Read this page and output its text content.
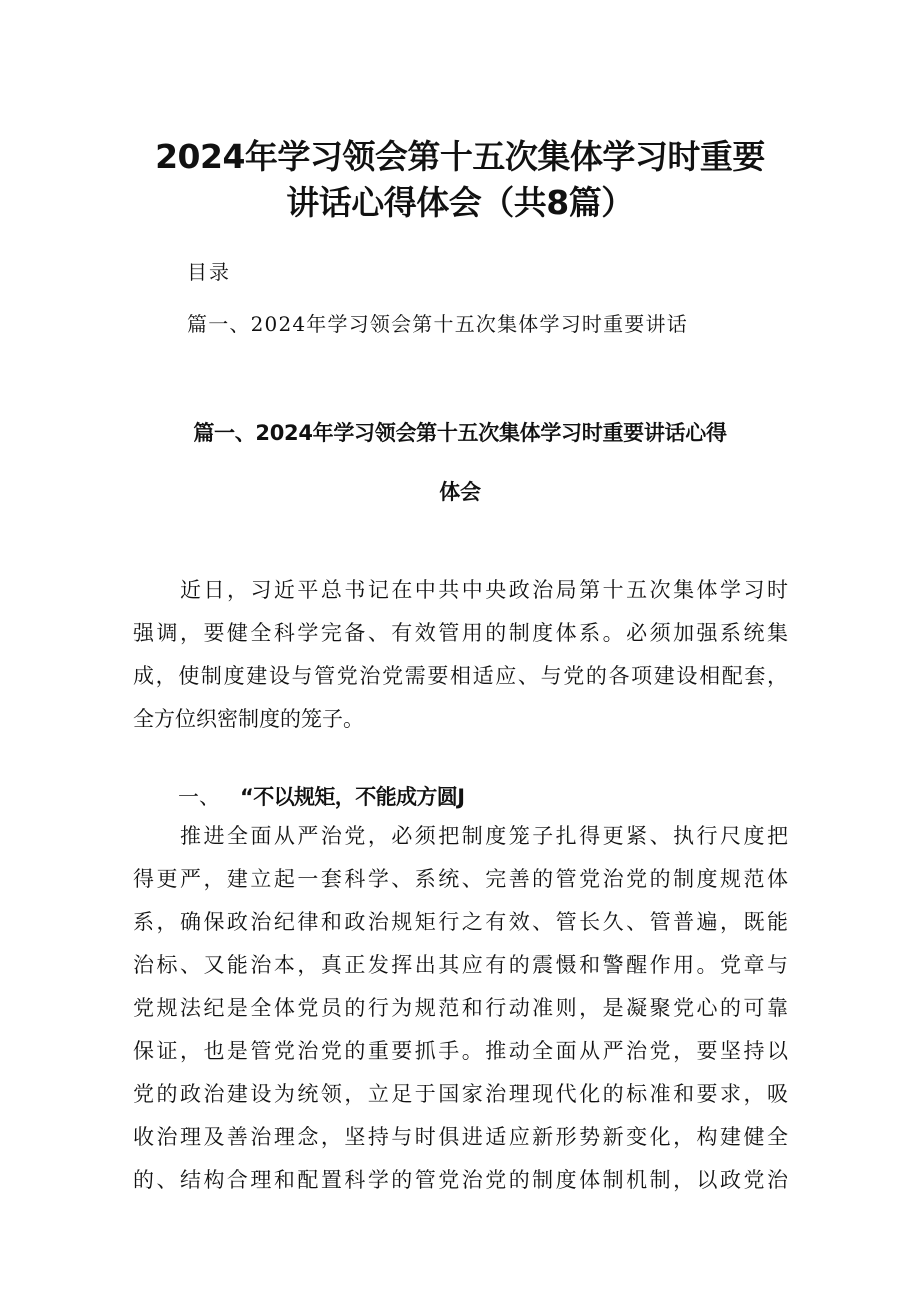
2024年学习领会第十五次集体学习时重要
讲话心得体会（共8篇）

目录

篇一、2024年学习领会第十五次集体学习时重要讲话

篇一、2024年学习领会第十五次集体学习时重要讲话心得
体会

近日，习近平总书记在中共中央政治局第十五次集体学习时

强调，要健全科学完备、有效管用的制度体系。必须加强系统集

成，使制度建设与管党治党需要相适应、与党的各项建设相配套，

全方位织密制度的笼子。

一、 “不以规矩，不能成方圆J

推进全面从严治党，必须把制度笼子扎得更紧、执行尺度把

得更严，建立起一套科学、系统、完善的管党治党的制度规范体

系，确保政治纪律和政治规矩行之有效、管长久、管普遍，既能

治标、又能治本，真正发挥出其应有的震慑和警醒作用。党章与

党规法纪是全体党员的行为规范和行动准则，是凝聚党心的可靠

保证，也是管党治党的重要抓手。推动全面从严治党，要坚持以

党的政治建设为统领，立足于国家治理现代化的标准和要求，吸

收治理及善治理念，坚持与时俱进适应新形势新变化，构建健全

的、结构合理和配置科学的管党治党的制度体制机制，以政党治
